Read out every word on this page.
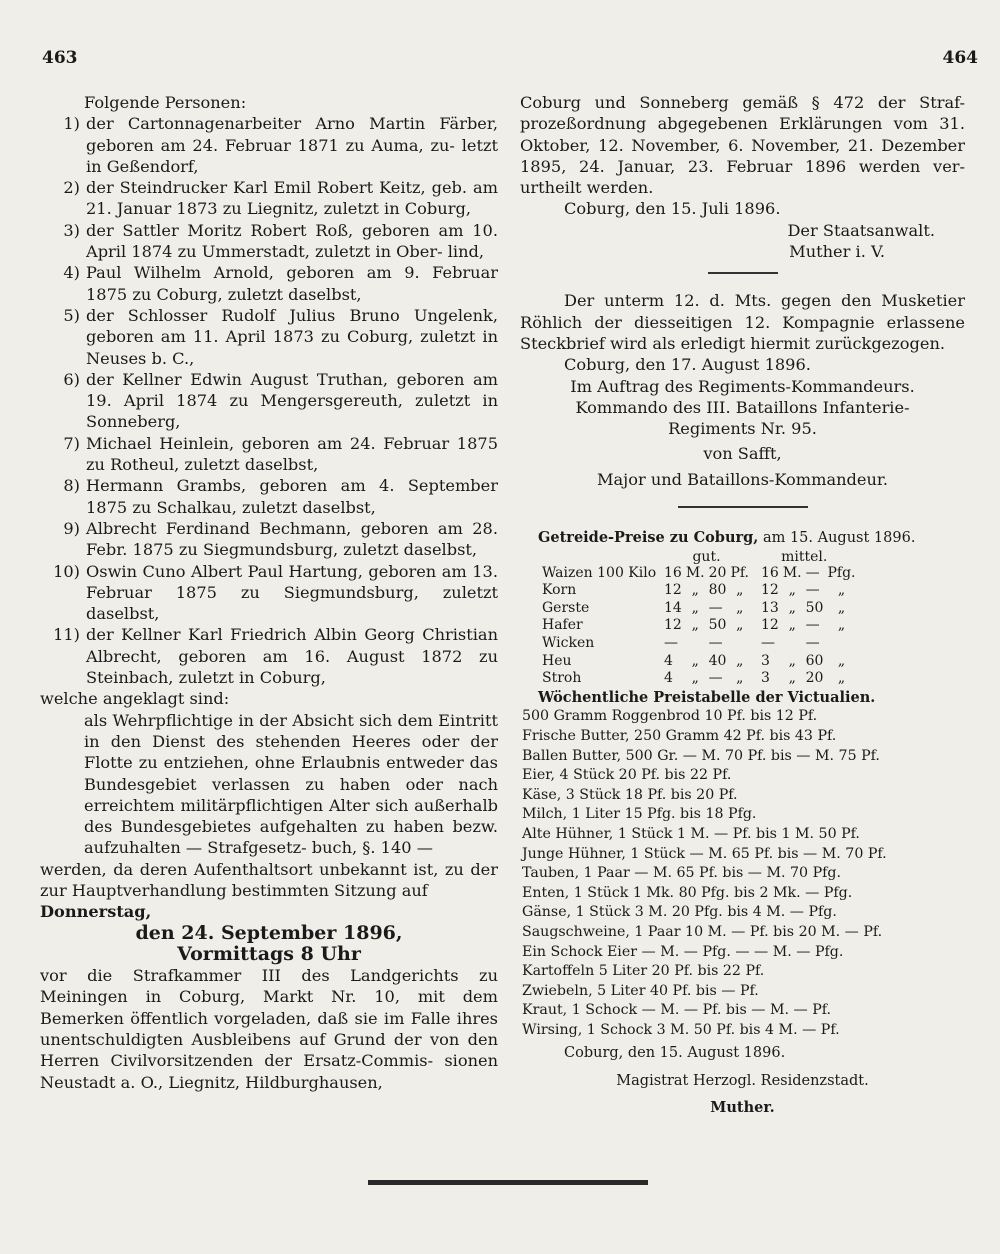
463	464

Folgende Personen:

1) der Cartonnagenarbeiter Arno Martin Färber, geboren am 24. Februar 1871 zu Auma, zu- letzt in Geßendorf,
2) der Steindrucker Karl Emil Robert Keitz, geb. am 21. Januar 1873 zu Liegnitz, zuletzt in Coburg,
3) der Sattler Moritz Robert Roß, geboren am 10. April 1874 zu Ummerstadt, zuletzt in Ober- lind,
4) Paul Wilhelm Arnold, geboren am 9. Februar 1875 zu Coburg, zuletzt daselbst,
5) der Schlosser Rudolf Julius Bruno Ungelenk, geboren am 11. April 1873 zu Coburg, zuletzt in Neuses b. C.,
6) der Kellner Edwin August Truthan, geboren am 19. April 1874 zu Mengersgereuth, zuletzt in Sonneberg,
7) Michael Heinlein, geboren am 24. Februar 1875 zu Rotheul, zuletzt daselbst,
8) Hermann Grambs, geboren am 4. September 1875 zu Schalkau, zuletzt daselbst,
9) Albrecht Ferdinand Bechmann, geboren am 28. Febr. 1875 zu Siegmundsburg, zuletzt daselbst,
10) Oswin Cuno Albert Paul Hartung, geboren am 13. Februar 1875 zu Siegmundsburg, zuletzt daselbst,
11) der Kellner Karl Friedrich Albin Georg Christian Albrecht, geboren am 16. August 1872 zu Steinbach, zuletzt in Coburg,

welche angeklagt sind:

als Wehrpflichtige in der Absicht sich dem Eintritt in den Dienst des stehenden Heeres oder der Flotte zu entziehen, ohne Erlaubnis entweder das Bundesgebiet verlassen zu haben oder nach erreichtem militärpflichtigen Alter sich außerhalb des Bundesgebietes aufgehalten zu haben bezw. aufzuhalten — Strafgesetz- buch, §. 140 —

werden, da deren Aufenthaltsort unbekannt ist, zu der zur Hauptverhandlung bestimmten Sitzung auf

Donnerstag,

den 24. September 1896,

Vormittags 8 Uhr

vor die Strafkammer III des Landgerichts zu Meiningen in Coburg, Markt Nr. 10, mit dem Bemerken öffentlich vorgeladen, daß sie im Falle ihres unentschuldigten Ausbleibens auf Grund der von den Herren Civilvorsitzenden der Ersatz-Commis- sionen Neustadt a. O., Liegnitz, Hildburghausen,

Coburg und Sonneberg gemäß § 472 der Straf- prozeßordnung abgegebenen Erklärungen vom 31. Oktober, 12. November, 6. November, 21. Dezember 1895, 24. Januar, 23. Februar 1896 werden ver- urtheilt werden.

Coburg, den 15. Juli 1896.

Der Staatsanwalt.

Muther i. V.

Der unterm 12. d. Mts. gegen den Musketier Röhlich der diesseitigen 12. Kompagnie erlassene Steckbrief wird als erledigt hiermit zurückgezogen.

Coburg, den 17. August 1896.

Im Auftrag des Regiments-Kommandeurs.

Kommando des III. Bataillons Infanterie-

Regiments Nr. 95.

von Safft,

Major und Bataillons-Kommandeur.

Getreide-Preise zu Coburg, am 15. August 1896.

	gut.				mittel.			
Waizen 100 Kilo	16	M.	20	Pf.	16	M.	—	Pfg.
Korn	12	„	80	„	12	„	—	„
Gerste	14	„	—	„	13	„	50	„
Hafer	12	„	50	„	12	„	—	„
Wicken	—		—		—		—	
Heu	4	„	40	„	3	„	60	„
Stroh	4	„	—	„	3	„	20	„

Wöchentliche Preistabelle der Victualien.

500 Gramm Roggenbrod 10 Pf. bis 12 Pf.

Frische Butter, 250 Gramm 42 Pf. bis 43 Pf.

Ballen Butter, 500 Gr. — M. 70 Pf. bis — M. 75 Pf.

Eier, 4 Stück 20 Pf. bis 22 Pf.

Käse, 3 Stück 18 Pf. bis 20 Pf.

Milch, 1 Liter 15 Pfg. bis 18 Pfg.

Alte Hühner, 1 Stück 1 M. — Pf. bis 1 M. 50 Pf.

Junge Hühner, 1 Stück — M. 65 Pf. bis — M. 70 Pf.

Tauben, 1 Paar — M. 65 Pf. bis — M. 70 Pfg.

Enten, 1 Stück 1 Mk. 80 Pfg. bis 2 Mk. — Pfg.

Gänse, 1 Stück 3 M. 20 Pfg. bis 4 M. — Pfg.

Saugschweine, 1 Paar 10 M. — Pf. bis 20 M. — Pf.

Ein Schock Eier — M. — Pfg. — — M. — Pfg.

Kartoffeln 5 Liter 20 Pf. bis 22 Pf.

Zwiebeln, 5 Liter 40 Pf. bis — Pf.

Kraut, 1 Schock — M. — Pf. bis — M. — Pf.

Wirsing, 1 Schock 3 M. 50 Pf. bis 4 M. — Pf.

Coburg, den 15. August 1896.

Magistrat Herzogl. Residenzstadt.

Muther.
